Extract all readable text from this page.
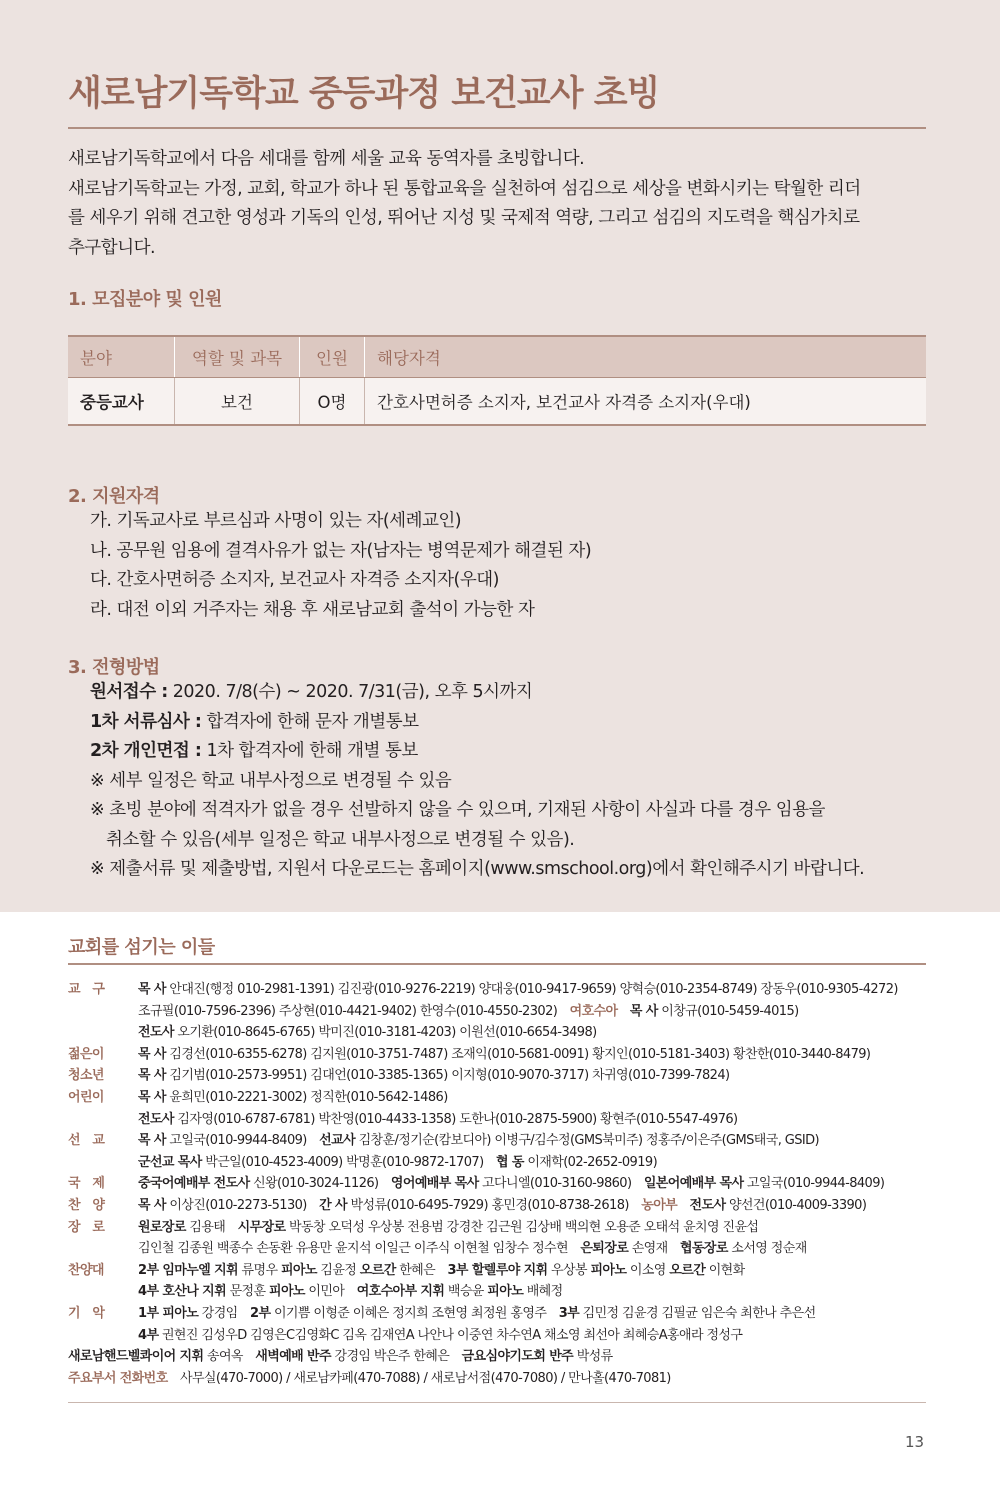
새로남기독학교 중등과정 보건교사 초빙
새로남기독학교에서 다음 세대를 함께 세울 교육 동역자를 초빙합니다.
새로남기독학교는 가정, 교회, 학교가 하나 된 통합교육을 실천하여 섬김으로 세상을 변화시키는 탁월한 리더
를 세우기 위해 견고한 영성과 기독의 인성, 뛰어난 지성 및 국제적 역량, 그리고 섬김의 지도력을 핵심가치로
추구합니다.
1. 모집분야 및 인원
분야	역할 및 과목	인원	해당자격
중등교사	보건	O명	간호사면허증 소지자, 보건교사 자격증 소지자(우대)
2. 지원자격
가. 기독교사로 부르심과 사명이 있는 자(세례교인)
나. 공무원 임용에 결격사유가 없는 자(남자는 병역문제가 해결된 자)
다. 간호사면허증 소지자, 보건교사 자격증 소지자(우대)
라. 대전 이외 거주자는 채용 후 새로남교회 출석이 가능한 자
3. 전형방법
원서접수 : 2020. 7/8(수) ~ 2020. 7/31(금), 오후 5시까지
1차 서류심사 : 합격자에 한해 문자 개별통보
2차 개인면접 : 1차 합격자에 한해 개별 통보
※ 세부 일정은 학교 내부사정으로 변경될 수 있음
※ 초빙 분야에 적격자가 없을 경우 선발하지 않을 수 있으며, 기재된 사항이 사실과 다를 경우 임용을
취소할 수 있음(세부 일정은 학교 내부사정으로 변경될 수 있음).
※ 제출서류 및 제출방법, 지원서 다운로드는 홈페이지(www.smschool.org)에서 확인해주시기 바랍니다.
교회를 섬기는 이들
교　구	목 사 안대진(행정 010-2981-1391) 김진광(010-9276-2219) 양대웅(010-9417-9659) 양혁승(010-2354-8749) 장동우(010-9305-4272)
조규필(010-7596-2396) 주상현(010-4421-9402) 한영수(010-4550-2302)　여호수아　 목 사 이창규(010-5459-4015)
전도사 오기환(010-8645-6765) 박미진(010-3181-4203) 이원선(010-6654-3498)
젊은이	목 사 김경선(010-6355-6278) 김지원(010-3751-7487) 조재익(010-5681-0091) 황지인(010-5181-3403) 황찬한(010-3440-8479)
청소년	목 사 김기범(010-2573-9951) 김대언(010-3385-1365) 이지형(010-9070-3717) 차귀영(010-7399-7824)
어린이	목 사 윤희민(010-2221-3002) 정직한(010-5642-1486)
전도사 김자영(010-6787-6781) 박찬영(010-4433-1358) 도한나(010-2875-5900) 황현주(010-5547-4976)
선　교	목 사 고일국(010-9944-8409)　선교사 김창훈/정기순(캄보디아) 이병구/김수정(GMS북미주) 정홍주/이은주(GMS태국, GSID)
군선교 목사 박근일(010-4523-4009) 박명훈(010-9872-1707)　협 동 이재학(02-2652-0919)
국　제	중국어예배부 전도사 신왕(010-3024-1126)　영어예배부 목사 고다니엘(010-3160-9860)　일본어예배부 목사 고일국(010-9944-8409)
찬　양	목 사 이상진(010-2273-5130)　간 사 박성류(010-6495-7929) 홍민경(010-8738-2618)　농아부　 전도사 양선건(010-4009-3390)
장　로	원로장로 김용태　시무장로 박동창 오덕성 우상봉 전용범 강경찬 김근원 김상배 백의현 오용준 오태석 윤치영 진윤섭
김인철 김종원 백종수 손동환 유용만 윤지석 이일근 이주식 이현철 임창수 정수현　은퇴장로 손영재　협동장로 소서영 정순재
찬양대	2부 임마누엘 지휘 류명우 피아노 김윤정 오르간 한혜은　3부 할렐루야 지휘 우상봉 피아노 이소영 오르간 이현화
4부 호산나 지휘 문정훈 피아노 이민아　여호수아부 지휘 백승윤 피아노 배혜정
기　악	1부 피아노 강경임　2부 이기쁨 이형준 이혜은 정지희 조현영 최정원 홍영주　3부 김민정 김윤경 김필균 임은숙 최한나 추은선
4부 권현진 김성우D 김영은C김영화C 김옥 김재연A 나안나 이중연 차수연A 채소영 최선아 최혜승A홍애라 정성구
새로남핸드벨콰이어 지휘 송여옥　새벽예배 반주 강경임 박은주 한혜은　금요심야기도회 반주 박성류
주요부서 전화번호　사무실(470-7000) / 새로남카페(470-7088) / 새로남서점(470-7080) / 만나홀(470-7081)
13
